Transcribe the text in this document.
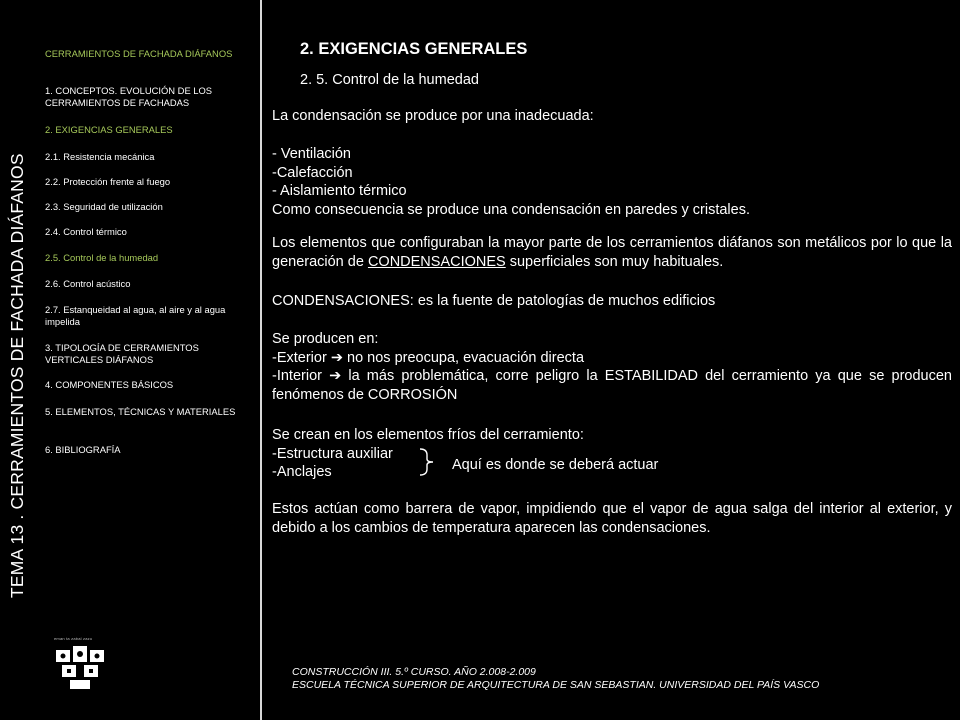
TEMA 13 . CERRAMIENTOS DE FACHADA DIÁFANOS
CERRAMIENTOS DE FACHADA DIÁFANOS
1. CONCEPTOS. EVOLUCIÓN DE LOS CERRAMIENTOS DE FACHADAS
2. EXIGENCIAS GENERALES
2.1. Resistencia mecánica
2.2. Protección frente al fuego
2.3. Seguridad de utilización
2.4. Control térmico
2.5. Control de la humedad
2.6. Control acústico
2.7. Estanqueidad al agua, al aire y al agua impelida
3. TIPOLOGÍA DE CERRAMIENTOS VERTICALES DIÁFANOS
4. COMPONENTES BÁSICOS
5. ELEMENTOS, TÉCNICAS Y MATERIALES
6. BIBLIOGRAFÍA
2. EXIGENCIAS GENERALES
2. 5. Control de la humedad
La condensación se produce por una inadecuada:
- Ventilación
-Calefacción
- Aislamiento térmico
Como consecuencia se produce una condensación en paredes y cristales.
Los elementos que configuraban la mayor parte de los cerramientos diáfanos son metálicos por lo que la generación de CONDENSACIONES superficiales son muy habituales.
CONDENSACIONES: es la fuente de patologías de muchos edificios
Se producen en:
-Exterior ➔ no nos preocupa, evacuación directa
-Interior ➔ la más problemática, corre peligro la ESTABILIDAD del cerramiento ya que se producen fenómenos de CORROSIÓN
Se crean en los elementos fríos del cerramiento:
-Estructura auxiliar
-Anclajes	Aquí es donde se deberá actuar
Estos actúan como barrera de vapor, impidiendo que el vapor de agua salga del interior al exterior, y debido a los cambios de temperatura aparecen las condensaciones.
eman ta zabal zazu
CONSTRUCCIÓN III. 5.º CURSO. AÑO 2.008-2.009
ESCUELA TÉCNICA SUPERIOR DE ARQUITECTURA DE SAN SEBASTIAN. UNIVERSIDAD DEL PAÍS VASCO
